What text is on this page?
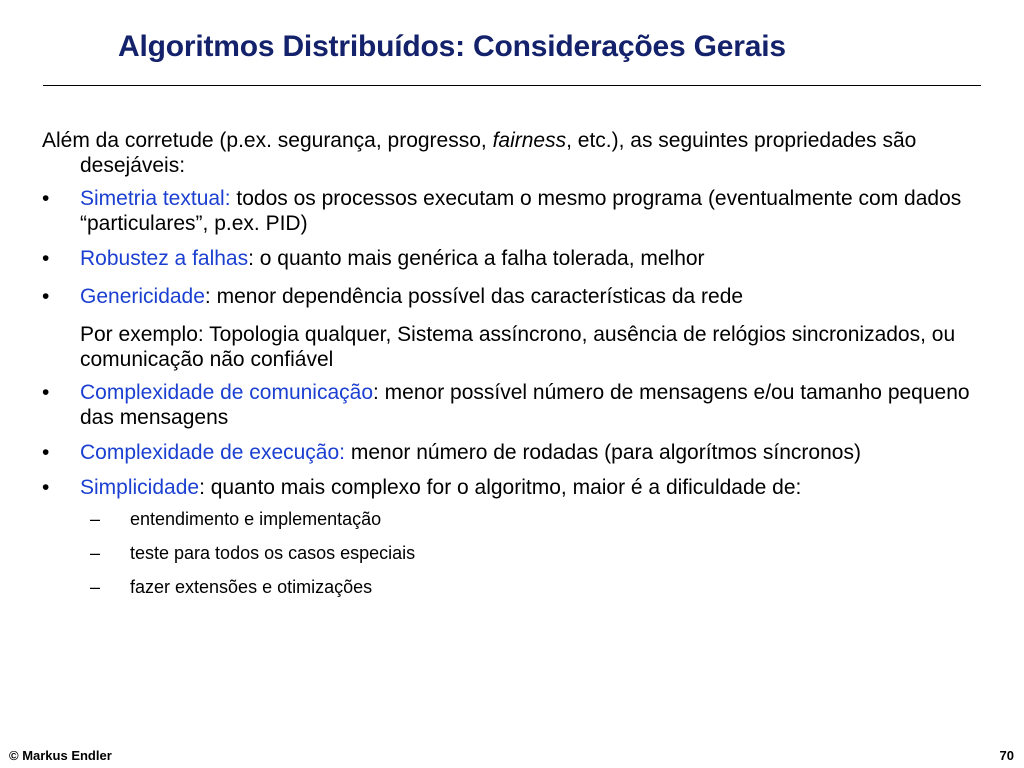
Algoritmos Distribuídos: Considerações Gerais

Além da corretude (p.ex. segurança, progresso, fairness, etc.), as seguintes propriedades são desejáveis:

•	Simetria textual: todos os processos executam o mesmo programa (eventualmente com dados “particulares”, p.ex. PID)

•	Robustez a falhas: o quanto mais genérica a falha tolerada, melhor

•	Genericidade: menor dependência possível das características da rede

Por exemplo: Topologia qualquer, Sistema assíncrono, ausência de relógios sincronizados, ou comunicação não confiável

•	Complexidade de comunicação: menor possível número de mensagens e/ou tamanho pequeno das mensagens

•	Complexidade de execução: menor número de rodadas (para algorítmos síncronos)

•	Simplicidade: quanto mais complexo for o algoritmo, maior é a dificuldade de:

– entendimento e implementação

– teste para todos os casos especiais

– fazer extensões e otimizações

© Markus Endler	70
